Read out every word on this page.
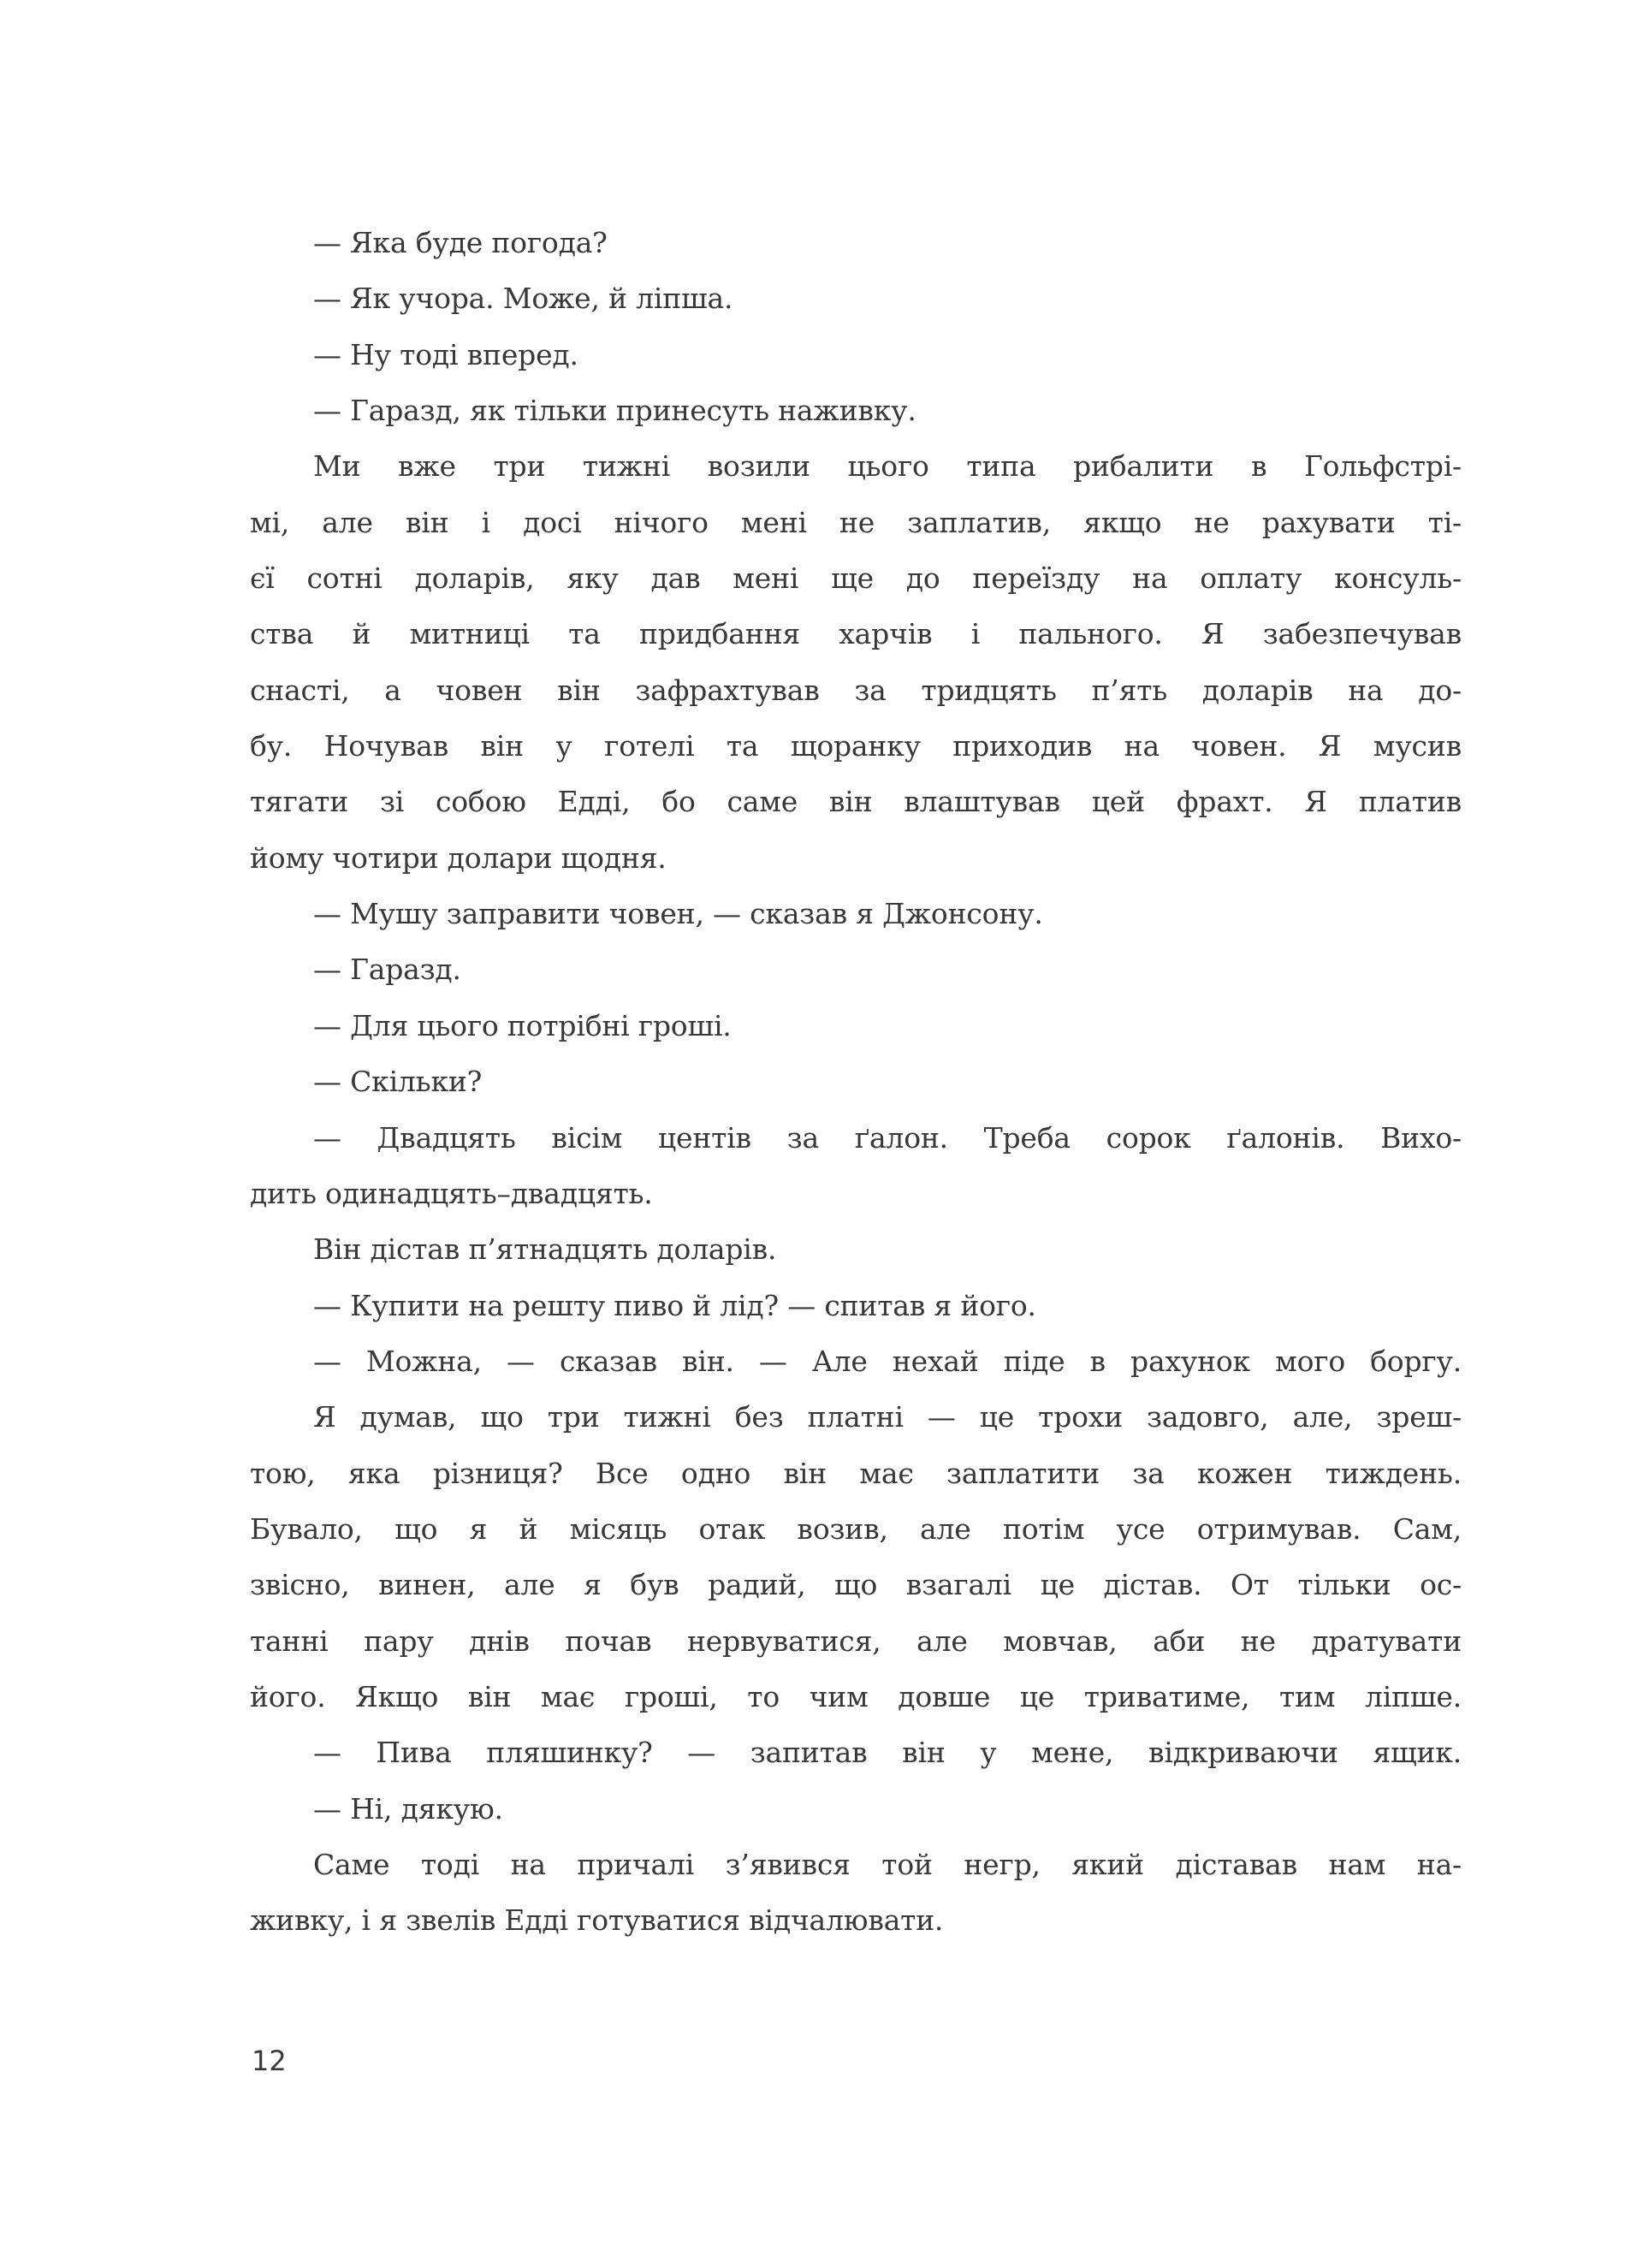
— Яка буде погода?
— Як учора. Може, й ліпша.
— Ну тоді вперед.
— Гаразд, як тільки принесуть наживку.
Ми вже три тижні возили цього типа рибалити в Гольфстрі-
мі, але він і досі нічого мені не заплатив, якщо не рахувати ті-
єї сотні доларів, яку дав мені ще до переїзду на оплату консуль-
ства й митниці та придбання харчів і пального. Я забезпечував
снасті, а човен він зафрахтував за тридцять п’ять доларів на до-
бу. Ночував він у готелі та щоранку приходив на човен. Я мусив
тягати зі собою Едді, бо саме він влаштував цей фрахт. Я платив
йому чотири долари щодня.
— Мушу заправити човен, — сказав я Джонсону.
— Гаразд.
— Для цього потрібні гроші.
— Скільки?
— Двадцять вісім центів за ґалон. Треба сорок ґалонів. Вихо-
дить одинадцять–двадцять.
Він дістав п’ятнадцять доларів.
— Купити на решту пиво й лід? — спитав я його.
— Можна, — сказав він. — Але нехай піде в рахунок мого боргу.
Я думав, що три тижні без платні — це трохи задовго, але, зреш-
тою, яка різниця? Все одно він має заплатити за кожен тиждень.
Бувало, що я й місяць отак возив, але потім усе отримував. Сам,
звісно, винен, але я був радий, що взагалі це дістав. От тільки ос-
танні пару днів почав нервуватися, але мовчав, аби не дратувати
його. Якщо він має гроші, то чим довше це триватиме, тим ліпше.
— Пива пляшинку? — запитав він у мене, відкриваючи ящик.
— Ні, дякую.
Саме тоді на причалі з’явився той негр, який діставав нам на-
живку, і я звелів Едді готуватися відчалювати.
12
